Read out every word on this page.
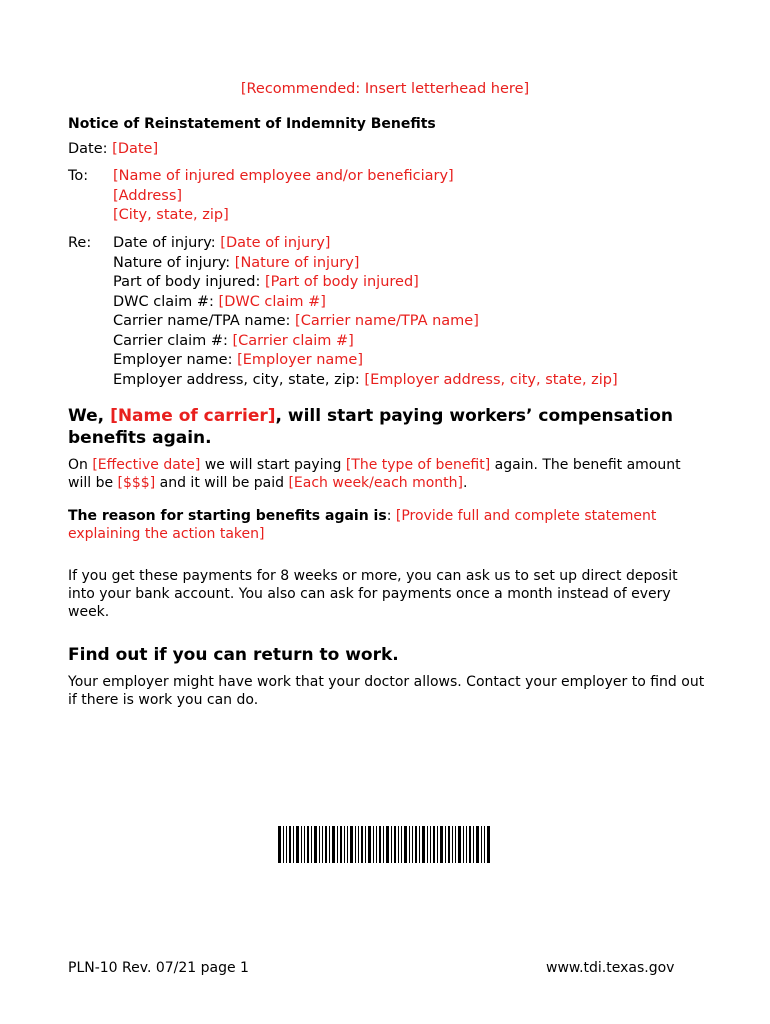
[Recommended: Insert letterhead here]
Notice of Reinstatement of Indemnity Benefits
Date: [Date]
To: [Name of injured employee and/or beneficiary]
[Address]
[City, state, zip]
Re: Date of injury: [Date of injury]
Nature of injury: [Nature of injury]
Part of body injured: [Part of body injured]
DWC claim #: [DWC claim #]
Carrier name/TPA name: [Carrier name/TPA name]
Carrier claim #: [Carrier claim #]
Employer name: [Employer name]
Employer address, city, state, zip: [Employer address, city, state, zip]
We, [Name of carrier], will start paying workers’ compensation benefits again.
On [Effective date] we will start paying [The type of benefit] again. The benefit amount will be [$$$] and it will be paid [Each week/each month].
The reason for starting benefits again is: [Provide full and complete statement explaining the action taken]
If you get these payments for 8 weeks or more, you can ask us to set up direct deposit into your bank account. You also can ask for payments once a month instead of every week.
Find out if you can return to work.
Your employer might have work that your doctor allows. Contact your employer to find out if there is work you can do.
PLN-10 Rev. 07/21 page 1	www.tdi.texas.gov
